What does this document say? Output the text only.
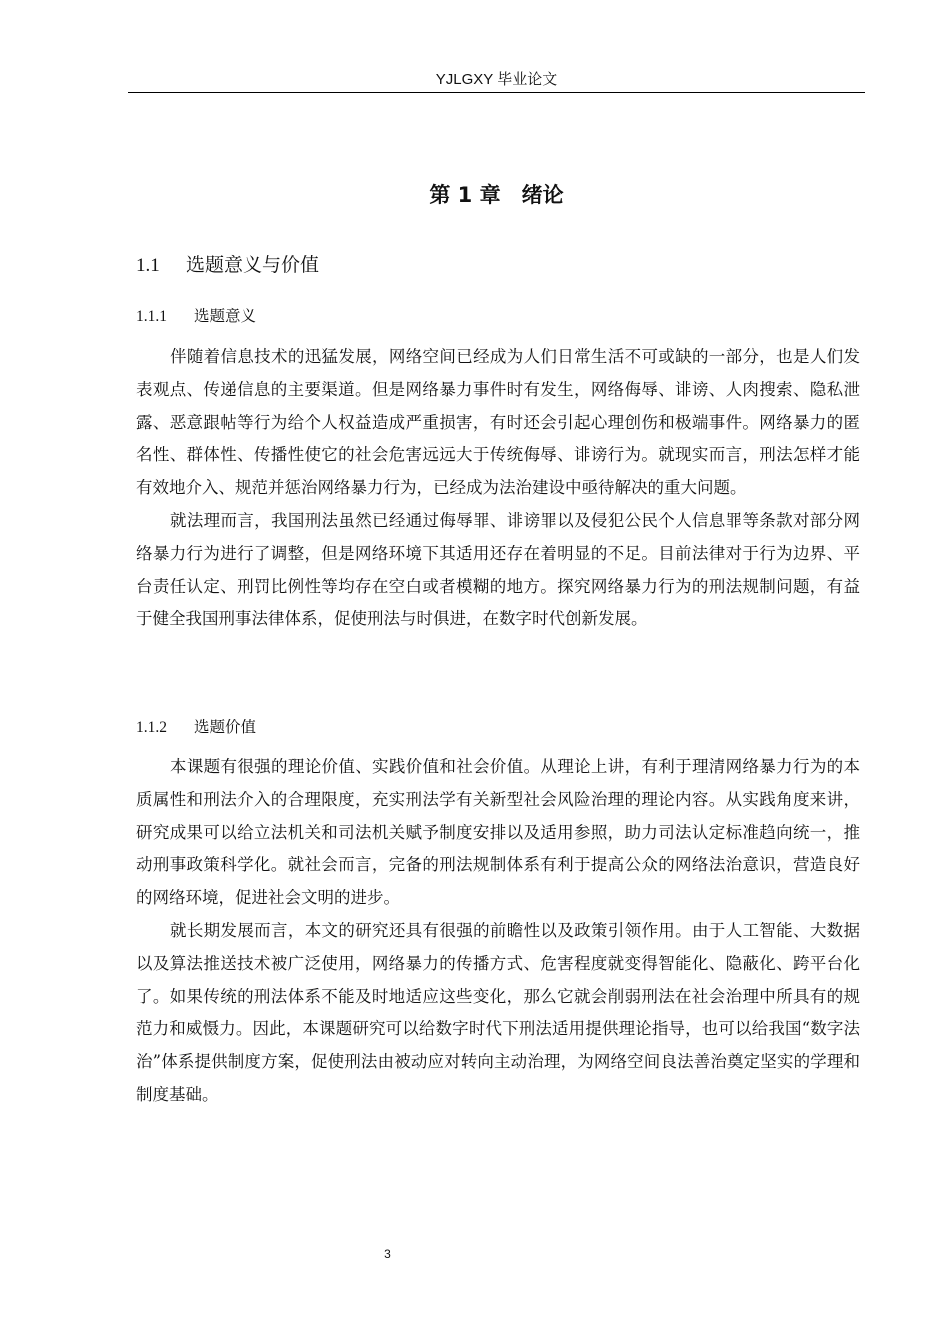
YJLGXY 毕业论文
第 1 章　绪论
1.1 选题意义与价值
1.1.1 选题意义

伴随着信息技术的迅猛发展，网络空间已经成为人们日常生活不可或缺的一部分，也是人们发表观点、传递信息的主要渠道。但是网络暴力事件时有发生，网络侮辱、诽谤、人肉搜索、隐私泄露、恶意跟帖等行为给个人权益造成严重损害，有时还会引起心理创伤和极端事件。网络暴力的匿名性、群体性、传播性使它的社会危害远远大于传统侮辱、诽谤行为。就现实而言，刑法怎样才能有效地介入、规范并惩治网络暴力行为，已经成为法治建设中亟待解决的重大问题。

就法理而言，我国刑法虽然已经通过侮辱罪、诽谤罪以及侵犯公民个人信息罪等条款对部分网络暴力行为进行了调整，但是网络环境下其适用还存在着明显的不足。目前法律对于行为边界、平台责任认定、刑罚比例性等均存在空白或者模糊的地方。探究网络暴力行为的刑法规制问题，有益于健全我国刑事法律体系，促使刑法与时俱进，在数字时代创新发展。

1.1.2 选题价值

本课题有很强的理论价值、实践价值和社会价值。从理论上讲，有利于理清网络暴力行为的本质属性和刑法介入的合理限度，充实刑法学有关新型社会风险治理的理论内容。从实践角度来讲，研究成果可以给立法机关和司法机关赋予制度安排以及适用参照，助力司法认定标准趋向统一，推动刑事政策科学化。就社会而言，完备的刑法规制体系有利于提高公众的网络法治意识，营造良好的网络环境，促进社会文明的进步。

就长期发展而言，本文的研究还具有很强的前瞻性以及政策引领作用。由于人工智能、大数据以及算法推送技术被广泛使用，网络暴力的传播方式、危害程度就变得智能化、隐蔽化、跨平台化了。如果传统的刑法体系不能及时地适应这些变化，那么它就会削弱刑法在社会治理中所具有的规范力和威慑力。因此，本课题研究可以给数字时代下刑法适用提供理论指导，也可以给我国“数字法治”体系提供制度方案，促使刑法由被动应对转向主动治理，为网络空间良法善治奠定坚实的学理和制度基础。

3
